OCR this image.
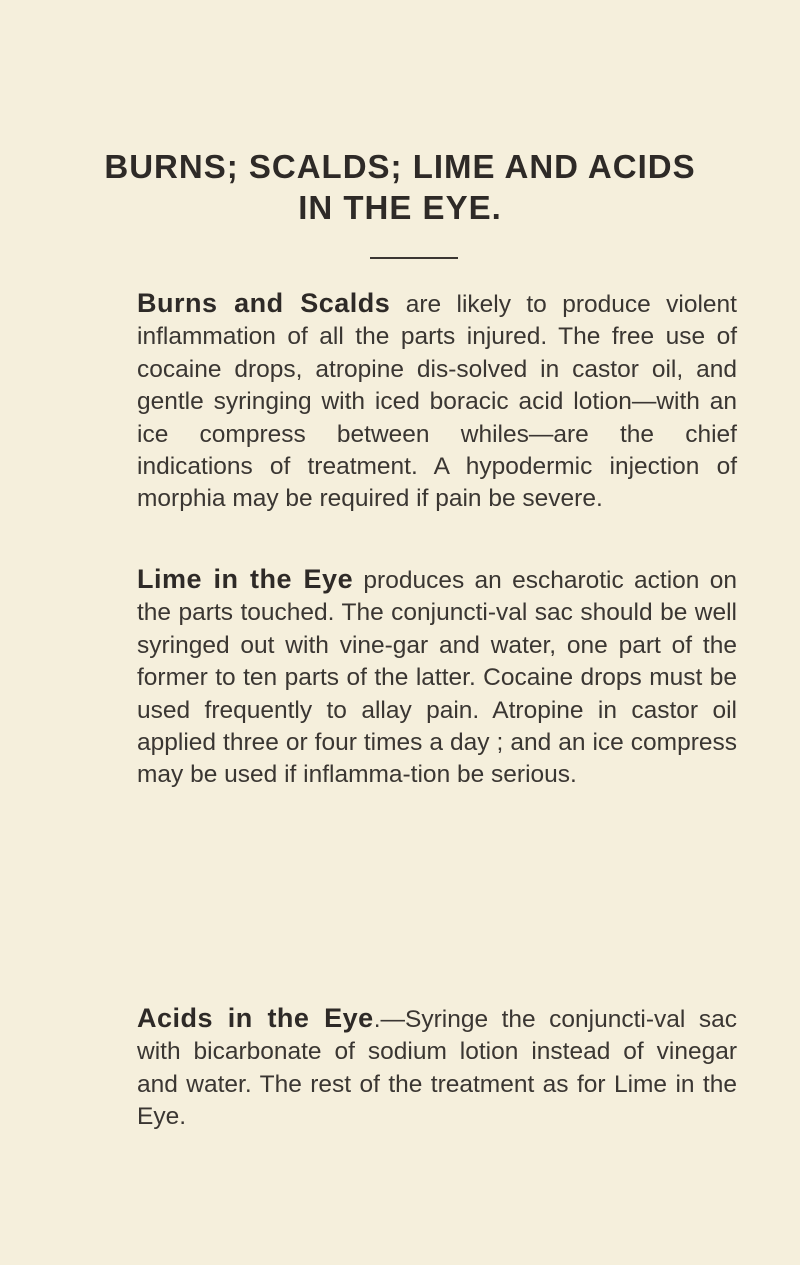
BURNS; SCALDS; LIME AND ACIDS
IN THE EYE.

Burns and Scalds are likely to produce violent inflammation of all the parts injured. The free use of cocaine drops, atropine dis-solved in castor oil, and gentle syringing with iced boracic acid lotion—with an ice compress between whiles—are the chief indications of treatment. A hypodermic injection of morphia may be required if pain be severe.

Lime in the Eye produces an escharotic action on the parts touched. The conjuncti-val sac should be well syringed out with vine-gar and water, one part of the former to ten parts of the latter. Cocaine drops must be used frequently to allay pain. Atropine in castor oil applied three or four times a day ; and an ice compress may be used if inflamma-tion be serious.

Acids in the Eye.—Syringe the conjuncti-val sac with bicarbonate of sodium lotion instead of vinegar and water. The rest of the treatment as for Lime in the Eye.
